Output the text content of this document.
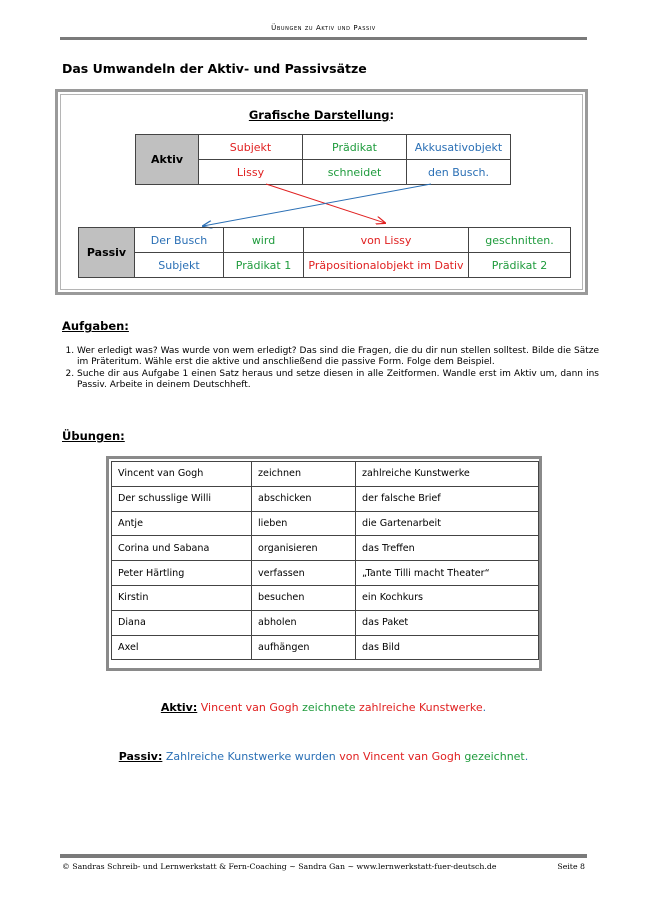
Übungen zu Aktiv und Passiv
Das Umwandeln der Aktiv- und Passivsätze
Grafische Darstellung:
Aktiv	Subjekt	Prädikat	Akkusativobjekt
	Lissy	schneidet	den Busch.
Passiv	Der Busch	wird	von Lissy	geschnitten.
	Subjekt	Prädikat 1	Präpositionalobjekt im Dativ	Prädikat 2
Aufgaben:
1. Wer erledigt was? Was wurde von wem erledigt? Das sind die Fragen, die du dir nun stellen solltest. Bilde die Sätze im Präteritum. Wähle erst die aktive und anschließend die passive Form. Folge dem Beispiel.
2. Suche dir aus Aufgabe 1 einen Satz heraus und setze diesen in alle Zeitformen. Wandle erst im Aktiv um, dann ins Passiv. Arbeite in deinem Deutschheft.
Übungen:
Vincent van Gogh	zeichnen	zahlreiche Kunstwerke
Der schusslige Willi	abschicken	der falsche Brief
Antje	lieben	die Gartenarbeit
Corina und Sabana	organisieren	das Treffen
Peter Härtling	verfassen	„Tante Tilli macht Theater“
Kirstin	besuchen	ein Kochkurs
Diana	abholen	das Paket
Axel	aufhängen	das Bild
Aktiv: Vincent van Gogh zeichnete zahlreiche Kunstwerke.
Passiv: Zahlreiche Kunstwerke wurden von Vincent van Gogh gezeichnet.
© Sandras Schreib- und Lernwerkstatt & Fern-Coaching ~ Sandra Gan ~ www.lernwerkstatt-fuer-deutsch.de	Seite 8
